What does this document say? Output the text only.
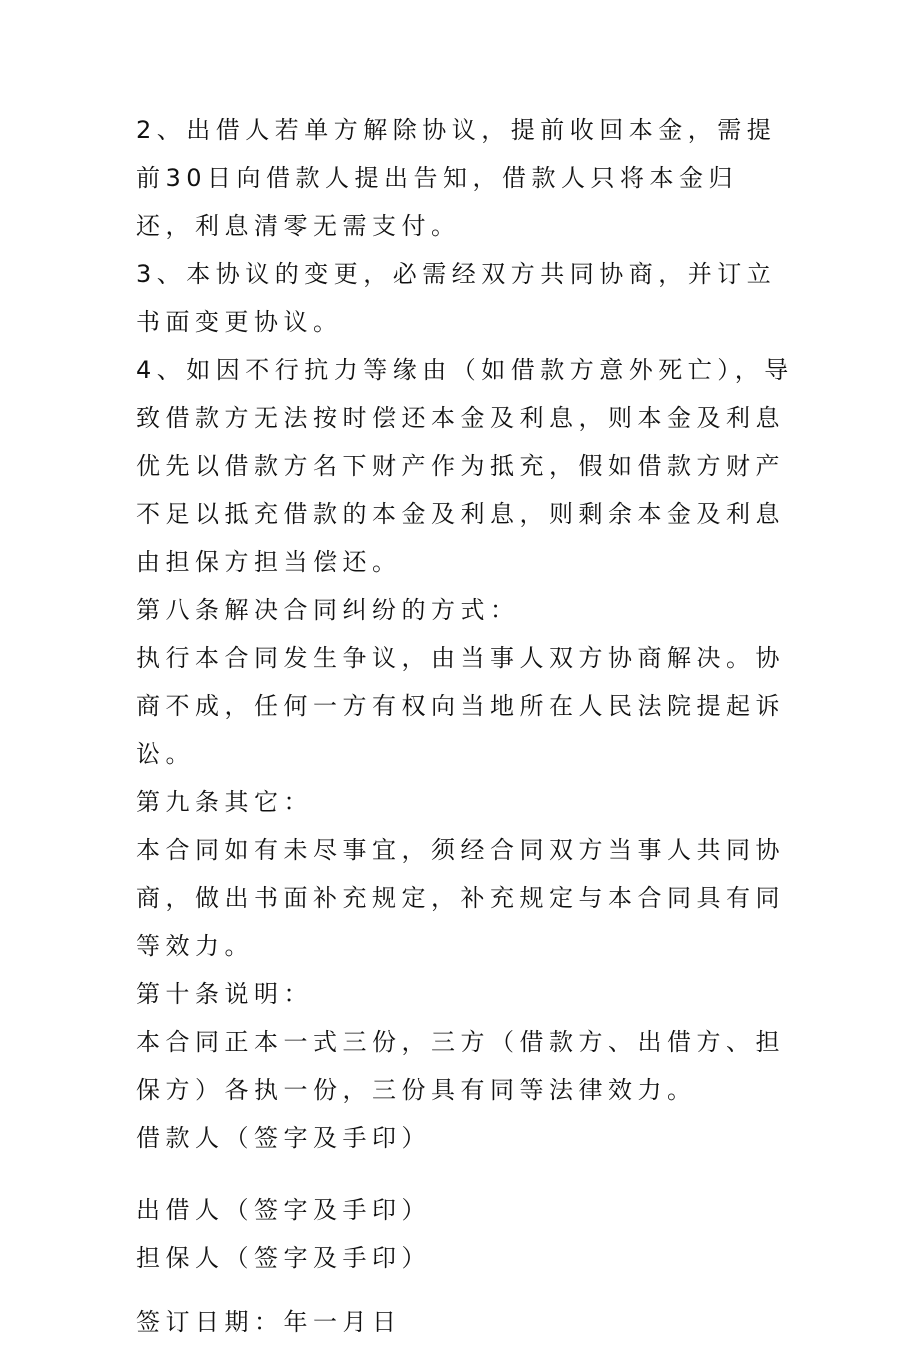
2、出借人若单方解除协议，提前收回本金，需提前30日向借款人提出告知，借款人只将本金归还，利息清零无需支付。

3、本协议的变更，必需经双方共同协商，并订立书面变更协议。

4、如因不行抗力等缘由（如借款方意外死亡），导致借款方无法按时偿还本金及利息，则本金及利息优先以借款方名下财产作为抵充，假如借款方财产不足以抵充借款的本金及利息，则剩余本金及利息由担保方担当偿还。

第八条解决合同纠纷的方式：

执行本合同发生争议，由当事人双方协商解决。协商不成，任何一方有权向当地所在人民法院提起诉讼。

第九条其它：

本合同如有未尽事宜，须经合同双方当事人共同协商，做出书面补充规定，补充规定与本合同具有同等效力。

第十条说明：

本合同正本一式三份，三方（借款方、出借方、担保方）各执一份，三份具有同等法律效力。

借款人（签字及手印）

出借人（签字及手印）

担保人（签字及手印）

签订日期：年一月日
